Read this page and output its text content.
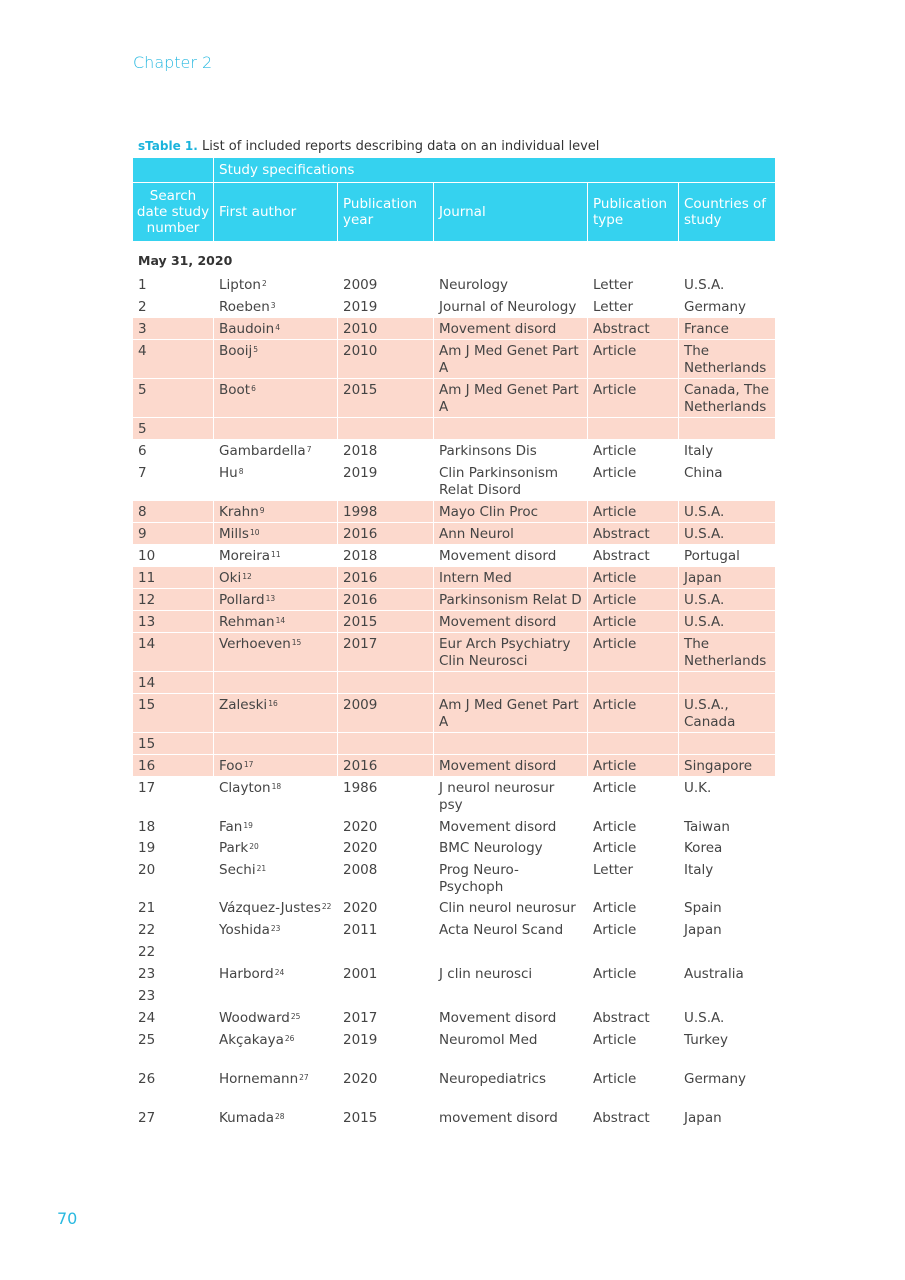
Chapter 2
sTable 1. List of included reports describing data on an individual level
	Study specifications				
Search date study number	First author	Publication year	Journal	Publication type	Countries of study
May 31, 2020					
1	Lipton$^2$	2009	Neurology	Letter	U.S.A.
2	Roeben$^3$	2019	Journal of Neurology	Letter	Germany
3	Baudoin$^4$	2010	Movement disord	Abstract	France
4	Booij$^5$	2010	Am J Med Genet Part A	Article	The Netherlands
5	Boot$^6$	2015	Am J Med Genet Part A	Article	Canada, The Netherlands
5					
6	Gambardella$^7$	2018	Parkinsons Dis	Article	Italy
7	Hu$^8$	2019	Clin Parkinsonism Relat Disord	Article	China
8	Krahn$^9$	1998	Mayo Clin Proc	Article	U.S.A.
9	Mills$^{10}$	2016	Ann Neurol	Abstract	U.S.A.
10	Moreira$^{11}$	2018	Movement disord	Abstract	Portugal
11	Oki$^{12}$	2016	Intern Med	Article	Japan
12	Pollard$^{13}$	2016	Parkinsonism Relat D	Article	U.S.A.
13	Rehman$^{14}$	2015	Movement disord	Article	U.S.A.
14	Verhoeven$^{15}$	2017	Eur Arch Psychiatry Clin Neurosci	Article	The Netherlands
14					
15	Zaleski$^{16}$	2009	Am J Med Genet Part A	Article	U.S.A., Canada
15					
16	Foo$^{17}$	2016	Movement disord	Article	Singapore
17	Clayton$^{18}$	1986	J neurol neurosur psy	Article	U.K.
18	Fan$^{19}$	2020	Movement disord	Article	Taiwan
19	Park$^{20}$	2020	BMC Neurology	Article	Korea
20	Sechi$^{21}$	2008	Prog Neuro-Psychoph	Letter	Italy
21	Vázquez-Justes$^{22}$	2020	Clin neurol neurosur	Article	Spain
22	Yoshida$^{23}$	2011	Acta Neurol Scand	Article	Japan
22					
23	Harbord$^{24}$	2001	J clin neurosci	Article	Australia
23					
24	Woodward$^{25}$	2017	Movement disord	Abstract	U.S.A.
25	Akçakaya$^{26}$	2019	Neuromol Med	Article	Turkey
26	Hornemann$^{27}$	2020	Neuropediatrics	Article	Germany
27	Kumada$^{28}$	2015	movement disord	Abstract	Japan
70
